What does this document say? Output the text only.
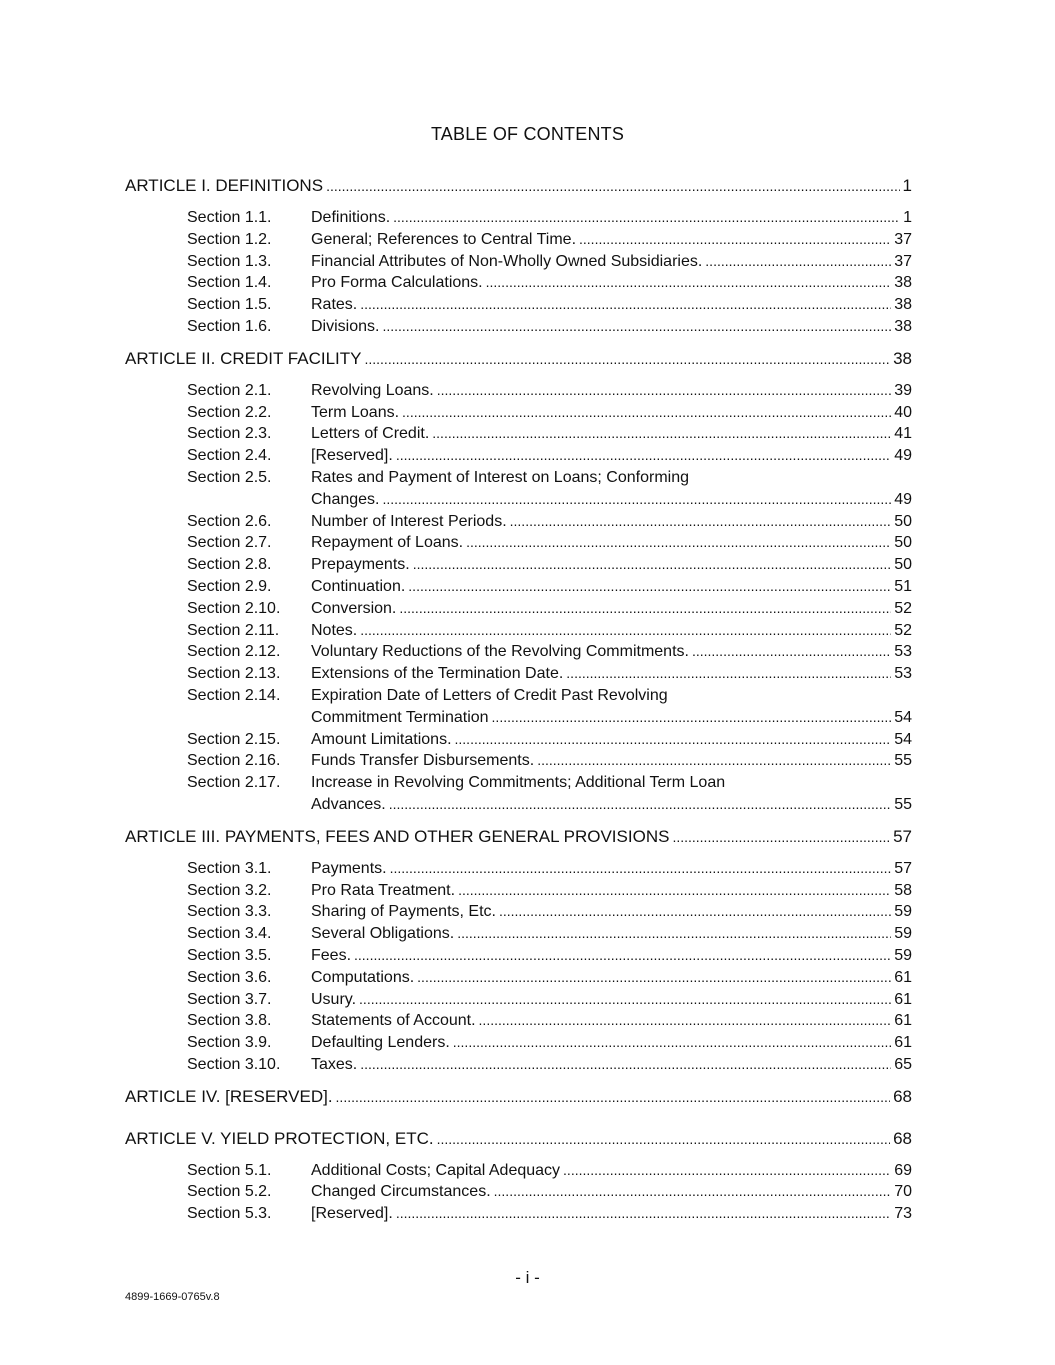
TABLE OF CONTENTS
ARTICLE I. DEFINITIONS .....	1
Section 1.1.	Definitions. .....	1
Section 1.2.	General; References to Central Time. .....	37
Section 1.3.	Financial Attributes of Non-Wholly Owned Subsidiaries. .....	37
Section 1.4.	Pro Forma Calculations. .....	38
Section 1.5.	Rates. .....	38
Section 1.6.	Divisions. .....	38
ARTICLE II. CREDIT FACILITY .....	38
Section 2.1.	Revolving Loans. .....	39
Section 2.2.	Term Loans. .....	40
Section 2.3.	Letters of Credit. .....	41
Section 2.4.	[Reserved]. .....	49
Section 2.5.	Rates and Payment of Interest on Loans; Conforming
Changes. .....	49
Section 2.6.	Number of Interest Periods. .....	50
Section 2.7.	Repayment of Loans. .....	50
Section 2.8.	Prepayments. .....	50
Section 2.9.	Continuation. .....	51
Section 2.10.	Conversion. .....	52
Section 2.11.	Notes. .....	52
Section 2.12.	Voluntary Reductions of the Revolving Commitments. .....	53
Section 2.13.	Extensions of the Termination Date. .....	53
Section 2.14.	Expiration Date of Letters of Credit Past Revolving
Commitment Termination .....	54
Section 2.15.	Amount Limitations. .....	54
Section 2.16.	Funds Transfer Disbursements. .....	55
Section 2.17.	Increase in Revolving Commitments; Additional Term Loan
Advances. .....	55
ARTICLE III. PAYMENTS, FEES AND OTHER GENERAL PROVISIONS .....	57
Section 3.1.	Payments. .....	57
Section 3.2.	Pro Rata Treatment. .....	58
Section 3.3.	Sharing of Payments, Etc. .....	59
Section 3.4.	Several Obligations. .....	59
Section 3.5.	Fees. .....	59
Section 3.6.	Computations. .....	61
Section 3.7.	Usury. .....	61
Section 3.8.	Statements of Account. .....	61
Section 3.9.	Defaulting Lenders. .....	61
Section 3.10.	Taxes. .....	65
ARTICLE IV. [RESERVED]. .....	68
ARTICLE V. YIELD PROTECTION, ETC. .....	68
Section 5.1.	Additional Costs; Capital Adequacy .....	69
Section 5.2.	Changed Circumstances. .....	70
Section 5.3.	[Reserved]. .....	73
- i -
4899-1669-0765v.8
